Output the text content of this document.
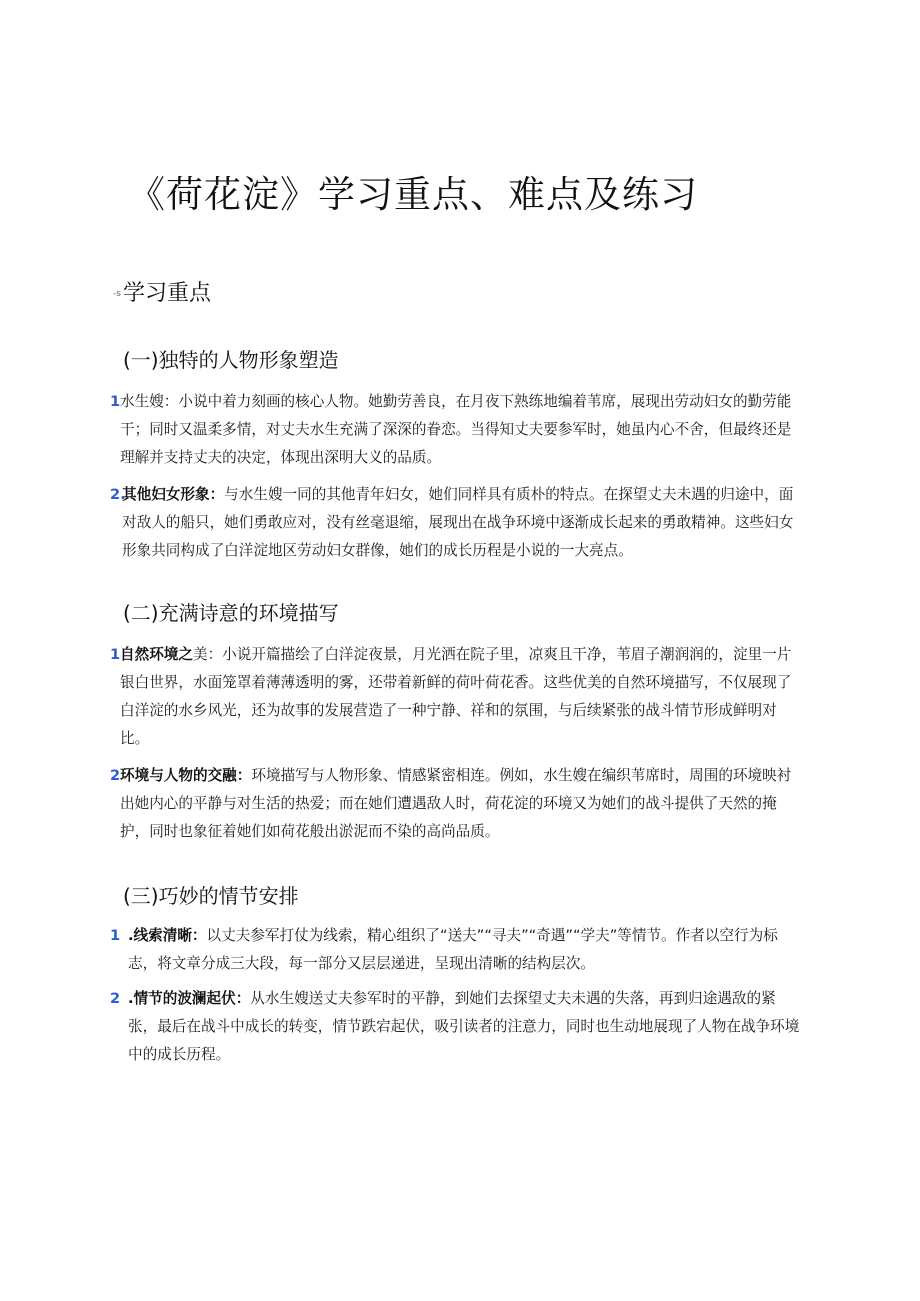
《荷花淀》学习重点、难点及练习
-s学习重点
(一)独特的人物形象塑造
1 水生嫂：小说中着力刻画的核心人物。她勤劳善良，在月夜下熟练地编着苇席，展现出劳动妇女的勤劳能干；同时又温柔多情，对丈夫水生充满了深深的眷恋。当得知丈夫要参军时，她虽内心不舍，但最终还是理解并支持丈夫的决定，体现出深明大义的品质。
2.
其他妇女形象：与水生嫂一同的其他青年妇女，她们同样具有质朴的特点。在探望丈夫未遇的归途中，面对敌人的船只，她们勇敢应对，没有丝毫退缩，展现出在战争环境中逐渐成长起来的勇敢精神。这些妇女形象共同构成了白洋淀地区劳动妇女群像，她们的成长历程是小说的一大亮点。
(二)充满诗意的环境描写
1 自然环境之美：小说开篇描绘了白洋淀夜景，月光洒在院子里，凉爽且干净，苇眉子潮润润的，淀里一片银白世界，水面笼罩着薄薄透明的雾，还带着新鲜的荷叶荷花香。这些优美的自然环境描写，不仅展现了白洋淀的水乡风光，还为故事的发展营造了一种宁静、祥和的氛围，与后续紧张的战斗情节形成鲜明对比。
2 环境与人物的交融：环境描写与人物形象、情感紧密相连。例如，水生嫂在编织苇席时，周围的环境映衬出她内心的平静与对生活的热爱；而在她们遭遇敌人时，荷花淀的环境又为她们的战斗提供了天然的掩护，同时也象征着她们如荷花般出淤泥而不染的高尚品质。
(三)巧妙的情节安排
1 .线索清晰：以丈夫参军打仗为线索，精心组织了“送夫”“寻夫”“奇遇”“学夫”等情节。作者以空行为标志，将文章分成三大段，每一部分又层层递进，呈现出清晰的结构层次。
2 .情节的波澜起伏：从水生嫂送丈夫参军时的平静，到她们去探望丈夫未遇的失落，再到归途遇敌的紧张，最后在战斗中成长的转变，情节跌宕起伏，吸引读者的注意力，同时也生动地展现了人物在战争环境中的成长历程。
